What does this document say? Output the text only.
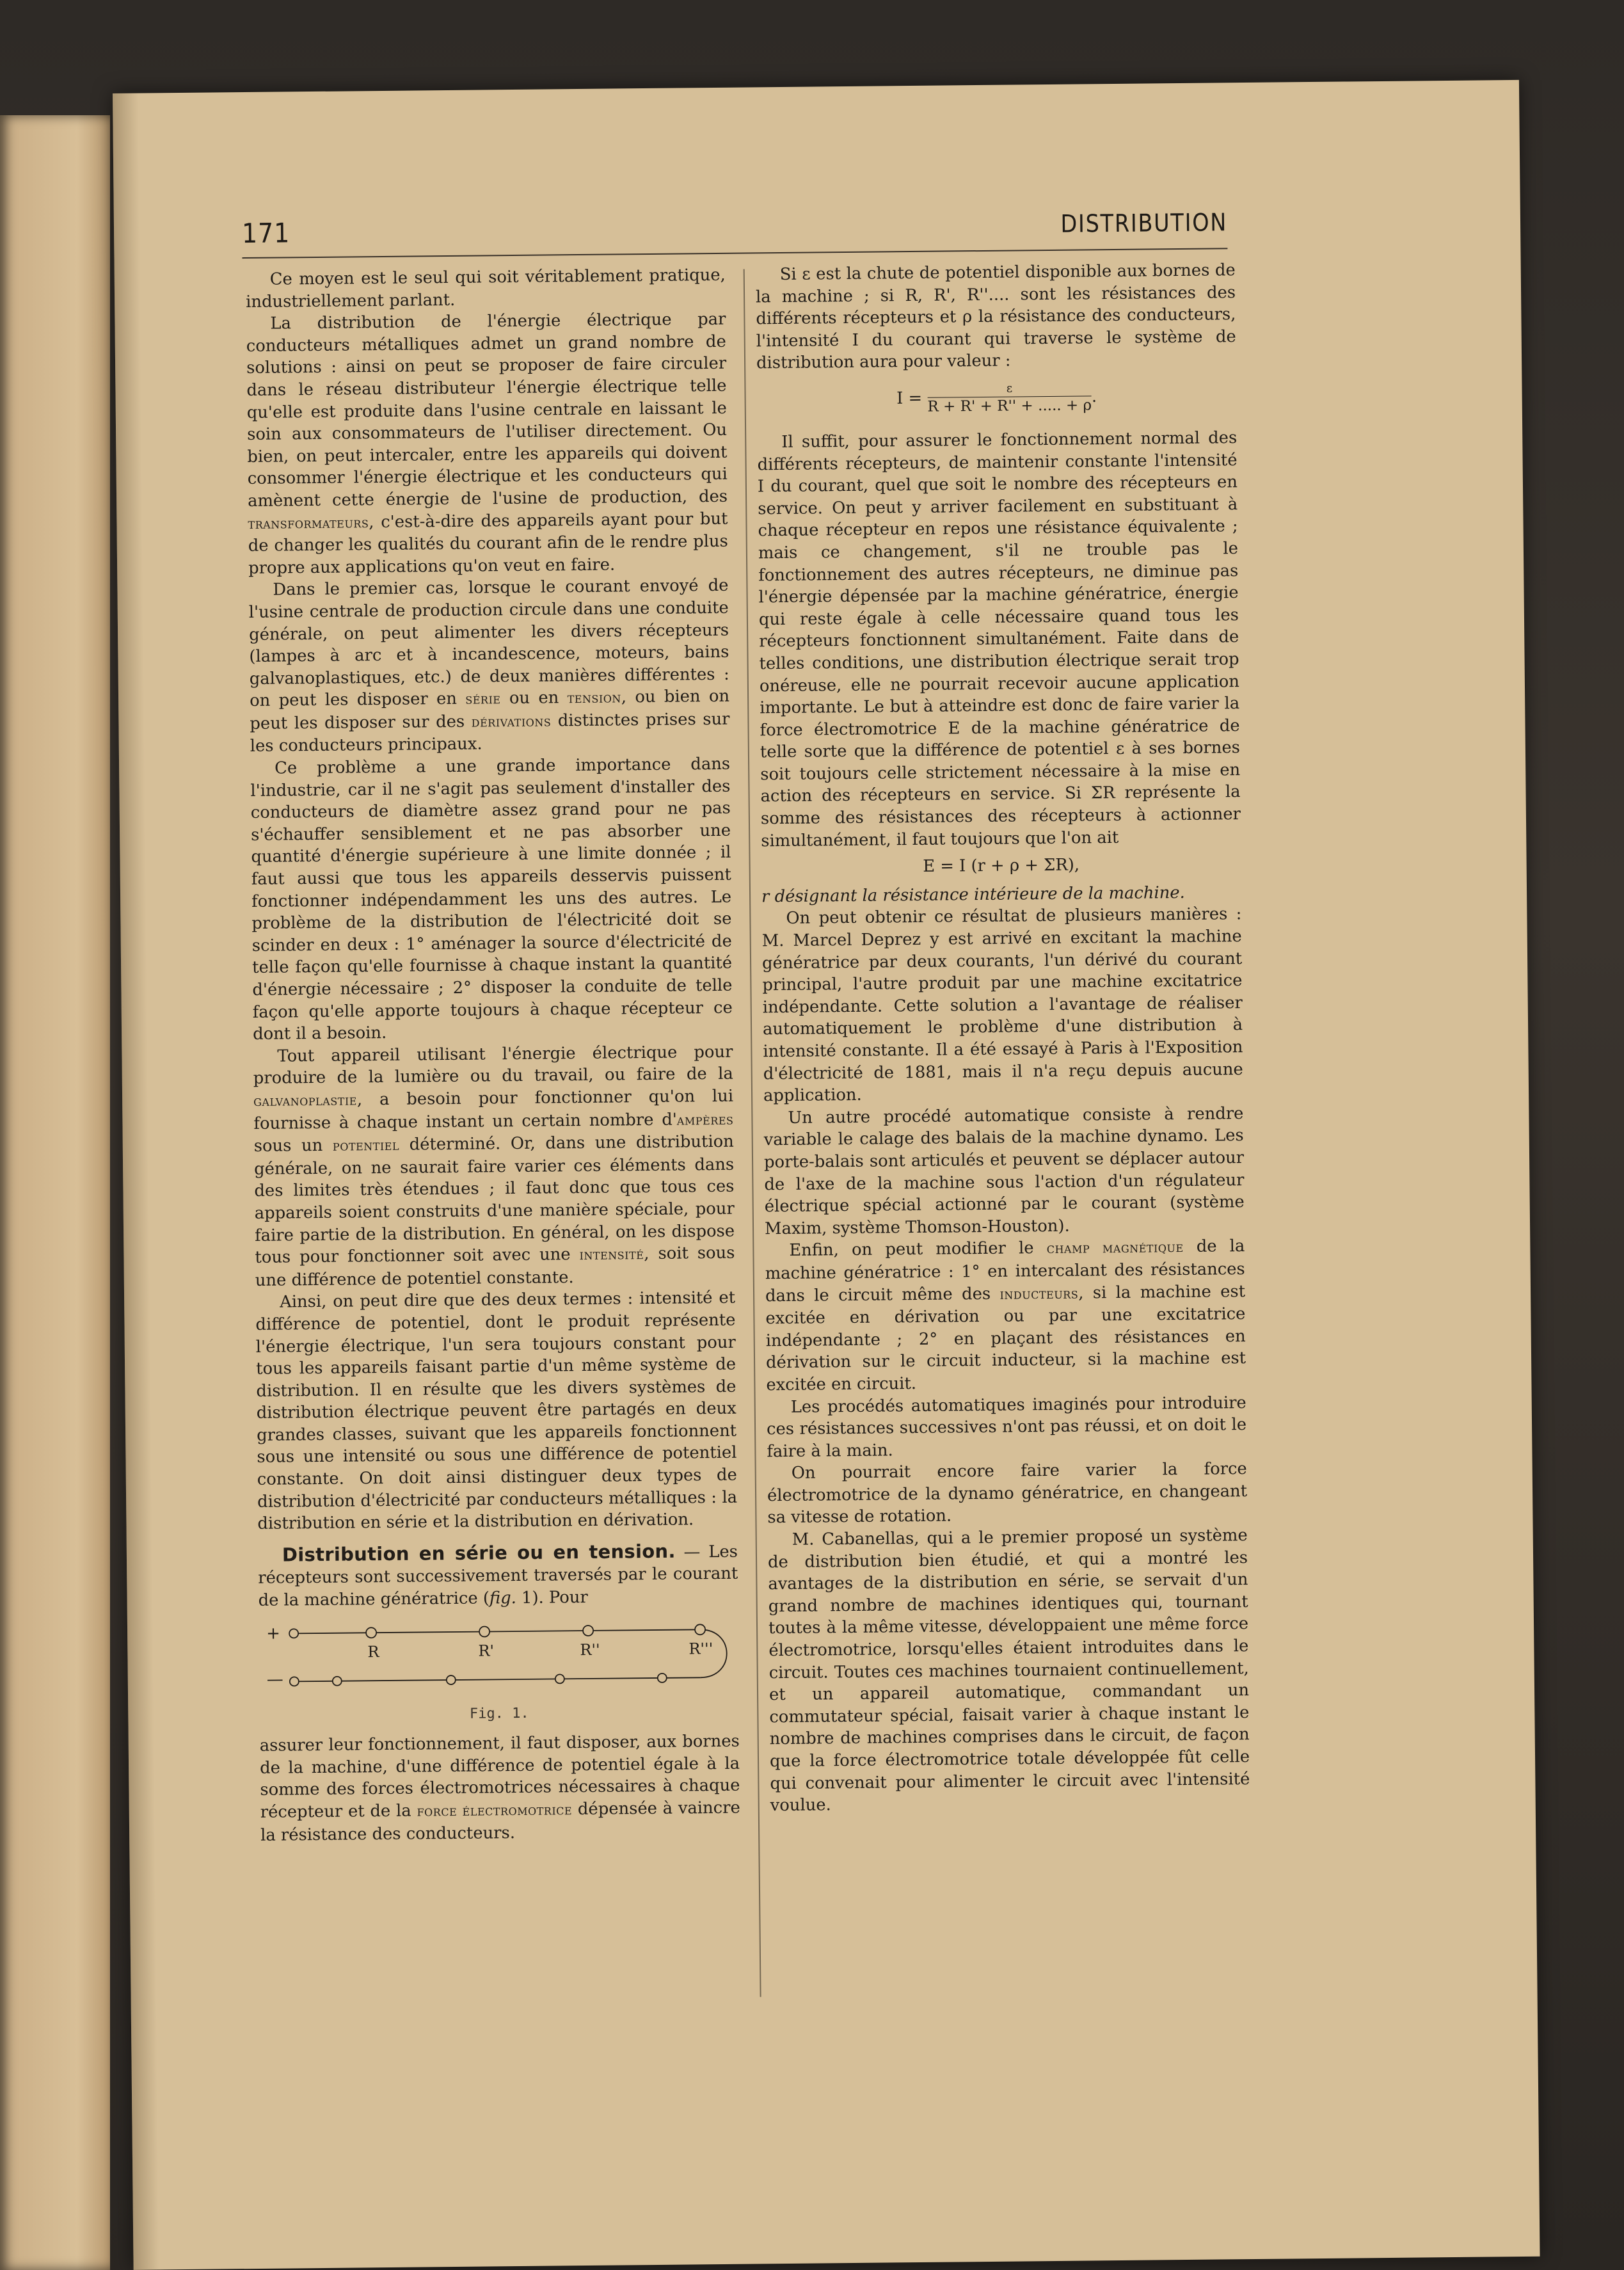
171	DISTRIBUTION

Ce moyen est le seul qui soit véritablement pratique, industriellement parlant.

La distribution de l'énergie électrique par conducteurs métalliques admet un grand nombre de solutions : ainsi on peut se proposer de faire circuler dans le réseau distributeur l'énergie électrique telle qu'elle est produite dans l'usine centrale en laissant le soin aux consommateurs de l'utiliser directement. Ou bien, on peut intercaler, entre les appareils qui doivent consommer l'énergie électrique et les conducteurs qui amènent cette énergie de l'usine de production, des transformateurs, c'est-à-dire des appareils ayant pour but de changer les qualités du courant afin de le rendre plus propre aux applications qu'on veut en faire.

Dans le premier cas, lorsque le courant envoyé de l'usine centrale de production circule dans une conduite générale, on peut alimenter les divers récepteurs (lampes à arc et à incandescence, moteurs, bains galvanoplastiques, etc.) de deux manières différentes : on peut les disposer en série ou en tension, ou bien on peut les disposer sur des dérivations distinctes prises sur les conducteurs principaux.

Ce problème a une grande importance dans l'industrie, car il ne s'agit pas seulement d'installer des conducteurs de diamètre assez grand pour ne pas s'échauffer sensiblement et ne pas absorber une quantité d'énergie supérieure à une limite donnée ; il faut aussi que tous les appareils desservis puissent fonctionner indépendamment les uns des autres. Le problème de la distribution de l'électricité doit se scinder en deux : 1° aménager la source d'électricité de telle façon qu'elle fournisse à chaque instant la quantité d'énergie nécessaire ; 2° disposer la conduite de telle façon qu'elle apporte toujours à chaque récepteur ce dont il a besoin.

Tout appareil utilisant l'énergie électrique pour produire de la lumière ou du travail, ou faire de la galvanoplastie, a besoin pour fonctionner qu'on lui fournisse à chaque instant un certain nombre d'ampères sous un potentiel déterminé. Or, dans une distribution générale, on ne saurait faire varier ces éléments dans des limites très étendues ; il faut donc que tous ces appareils soient construits d'une manière spéciale, pour faire partie de la distribution. En général, on les dispose tous pour fonctionner soit avec une intensité, soit sous une différence de potentiel constante.

Ainsi, on peut dire que des deux termes : intensité et différence de potentiel, dont le produit représente l'énergie électrique, l'un sera toujours constant pour tous les appareils faisant partie d'un même système de distribution. Il en résulte que les divers systèmes de distribution électrique peuvent être partagés en deux grandes classes, suivant que les appareils fonctionnent sous une intensité ou sous une différence de potentiel constante. On doit ainsi distinguer deux types de distribution d'électricité par conducteurs métalliques : la distribution en série et la distribution en dérivation.

Distribution en série ou en tension. — Les récepteurs sont successivement traversés par le courant de la machine génératrice (fig. 1). Pour

+
—
R	R'	R''	R'''
Fig. 1.

assurer leur fonctionnement, il faut disposer, aux bornes de la machine, d'une différence de potentiel égale à la somme des forces électromotrices nécessaires à chaque récepteur et de la force électromotrice dépensée à vaincre la résistance des conducteurs.

Si ε est la chute de potentiel disponible aux bornes de la machine ; si R, R', R''.... sont les résistances des différents récepteurs et ρ la résistance des conducteurs, l'intensité I du courant qui traverse le système de distribution aura pour valeur :

$I = \frac{\varepsilon}{R + R' + R'' + ..... + \rho}$ .

Il suffit, pour assurer le fonctionnement normal des différents récepteurs, de maintenir constante l'intensité I du courant, quel que soit le nombre des récepteurs en service. On peut y arriver facilement en substituant à chaque récepteur en repos une résistance équivalente ; mais ce changement, s'il ne trouble pas le fonctionnement des autres récepteurs, ne diminue pas l'énergie dépensée par la machine génératrice, énergie qui reste égale à celle nécessaire quand tous les récepteurs fonctionnent simultanément. Faite dans de telles conditions, une distribution électrique serait trop onéreuse, elle ne pourrait recevoir aucune application importante. Le but à atteindre est donc de faire varier la force électromotrice E de la machine génératrice de telle sorte que la différence de potentiel ε à ses bornes soit toujours celle strictement nécessaire à la mise en action des récepteurs en service. Si ΣR représente la somme des résistances des récepteurs à actionner simultanément, il faut toujours que l'on ait

E = I (r + ρ + ΣR),

r désignant la résistance intérieure de la machine.

On peut obtenir ce résultat de plusieurs manières : M. Marcel Deprez y est arrivé en excitant la machine génératrice par deux courants, l'un dérivé du courant principal, l'autre produit par une machine excitatrice indépendante. Cette solution a l'avantage de réaliser automatiquement le problème d'une distribution à intensité constante. Il a été essayé à Paris à l'Exposition d'électricité de 1881, mais il n'a reçu depuis aucune application.

Un autre procédé automatique consiste à rendre variable le calage des balais de la machine dynamo. Les porte-balais sont articulés et peuvent se déplacer autour de l'axe de la machine sous l'action d'un régulateur électrique spécial actionné par le courant (système Maxim, système Thomson-Houston).

Enfin, on peut modifier le champ magnétique de la machine génératrice : 1° en intercalant des résistances dans le circuit même des inducteurs, si la machine est excitée en dérivation ou par une excitatrice indépendante ; 2° en plaçant des résistances en dérivation sur le circuit inducteur, si la machine est excitée en circuit.

Les procédés automatiques imaginés pour introduire ces résistances successives n'ont pas réussi, et on doit le faire à la main.

On pourrait encore faire varier la force électromotrice de la dynamo génératrice, en changeant sa vitesse de rotation.

M. Cabanellas, qui a le premier proposé un système de distribution bien étudié, et qui a montré les avantages de la distribution en série, se servait d'un grand nombre de machines identiques qui, tournant toutes à la même vitesse, développaient une même force électromotrice, lorsqu'elles étaient introduites dans le circuit. Toutes ces machines tournaient continuellement, et un appareil automatique, commandant un commutateur spécial, faisait varier à chaque instant le nombre de machines comprises dans le circuit, de façon que la force électromotrice totale développée fût celle qui convenait pour alimenter le circuit avec l'intensité voulue.
